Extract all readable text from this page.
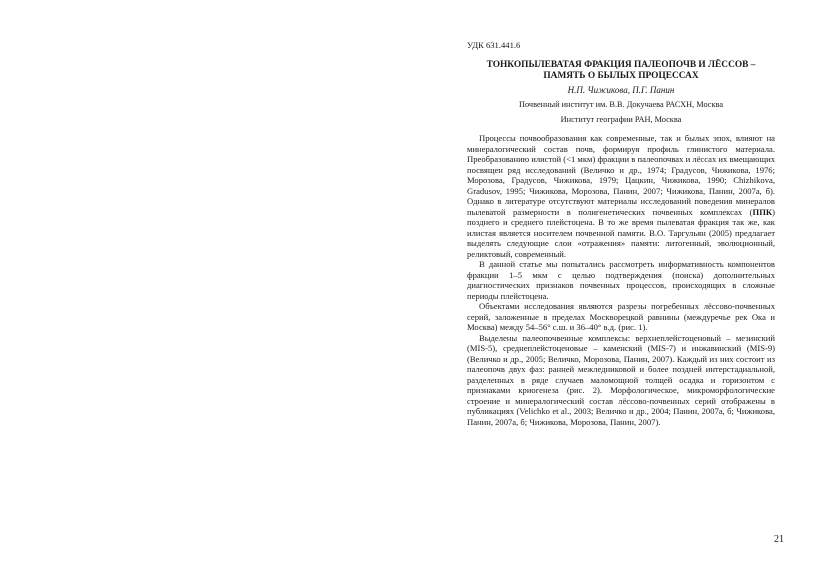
УДК 631.441.6

ТОНКОПЫЛЕВАТАЯ ФРАКЦИЯ ПАЛЕОПОЧВ И ЛЁССОВ –
ПАМЯТЬ О БЫЛЫХ ПРОЦЕССАХ

Н.П. Чижикова, П.Г. Панин

Почвенный институт им. В.В. Докучаева РАСХН, Москва

Институт географии РАН, Москва

Процессы почвообразования как современные, так и былых эпох, влияют на минералогический состав почв, формируя профиль глинистого материала. Преобразованию илистой (<1 мкм) фракции в палеопочвах и лёссах их вмещающих посвящен ряд исследований (Величко и др., 1974; Градусов, Чижикова, 1976; Морозова, Градусов, Чижикова, 1979; Цацкин, Чижикова, 1990; Chizhikova, Gradusov, 1995; Чижикова, Морозова, Панин, 2007; Чижикова, Панин, 2007а, б). Однако в литературе отсутствуют материалы исследований поведения минералов пылеватой размерности в полигенетических почвенных комплексах (ППК) позднего и среднего плейстоцена. В то же время пылеватая фракция так же, как илистая является носителем почвенной памяти. В.О. Таргульян (2005) предлагает выделять следующие слои «отражения» памяти: литогенный, эволюционный, реликтовый, современный.

В данной статье мы попытались рассмотреть информативность компонентов фракции 1–5 мкм с целью подтверждения (поиска) дополнительных диагностических признаков почвенных процессов, происходящих в сложные периоды плейстоцена.

Объектами исследования являются разрезы погребенных лёссово-почвенных серий, заложенные в пределах Москворецкой равнины (междуречье рек Ока и Москва) между 54–56° с.ш. и 36–40° в.д. (рис. 1).

Выделены палеопочвенные комплексы: верхнеплейстоценовый – мезинский (MIS-5), среднеплейстоценовые – каменский (MIS-7) и инжавинский (MIS-9) (Величко и др., 2005; Величко, Морозова, Панин, 2007). Каждый из них состоит из палеопочв двух фаз: ранней межледниковой и более поздней интерстадиальной, разделенных в ряде случаев маломощной толщей осадка и горизонтом с признаками криогенеза (рис. 2). Морфологическое, микроморфологические строение и минералогический состав лёссово-почвенных серий отображены в публикациях (Velichko et al., 2003; Величко и др., 2004; Панин, 2007а, б; Чижикова, Панин, 2007а, б; Чижикова, Морозова, Панин, 2007).

21
